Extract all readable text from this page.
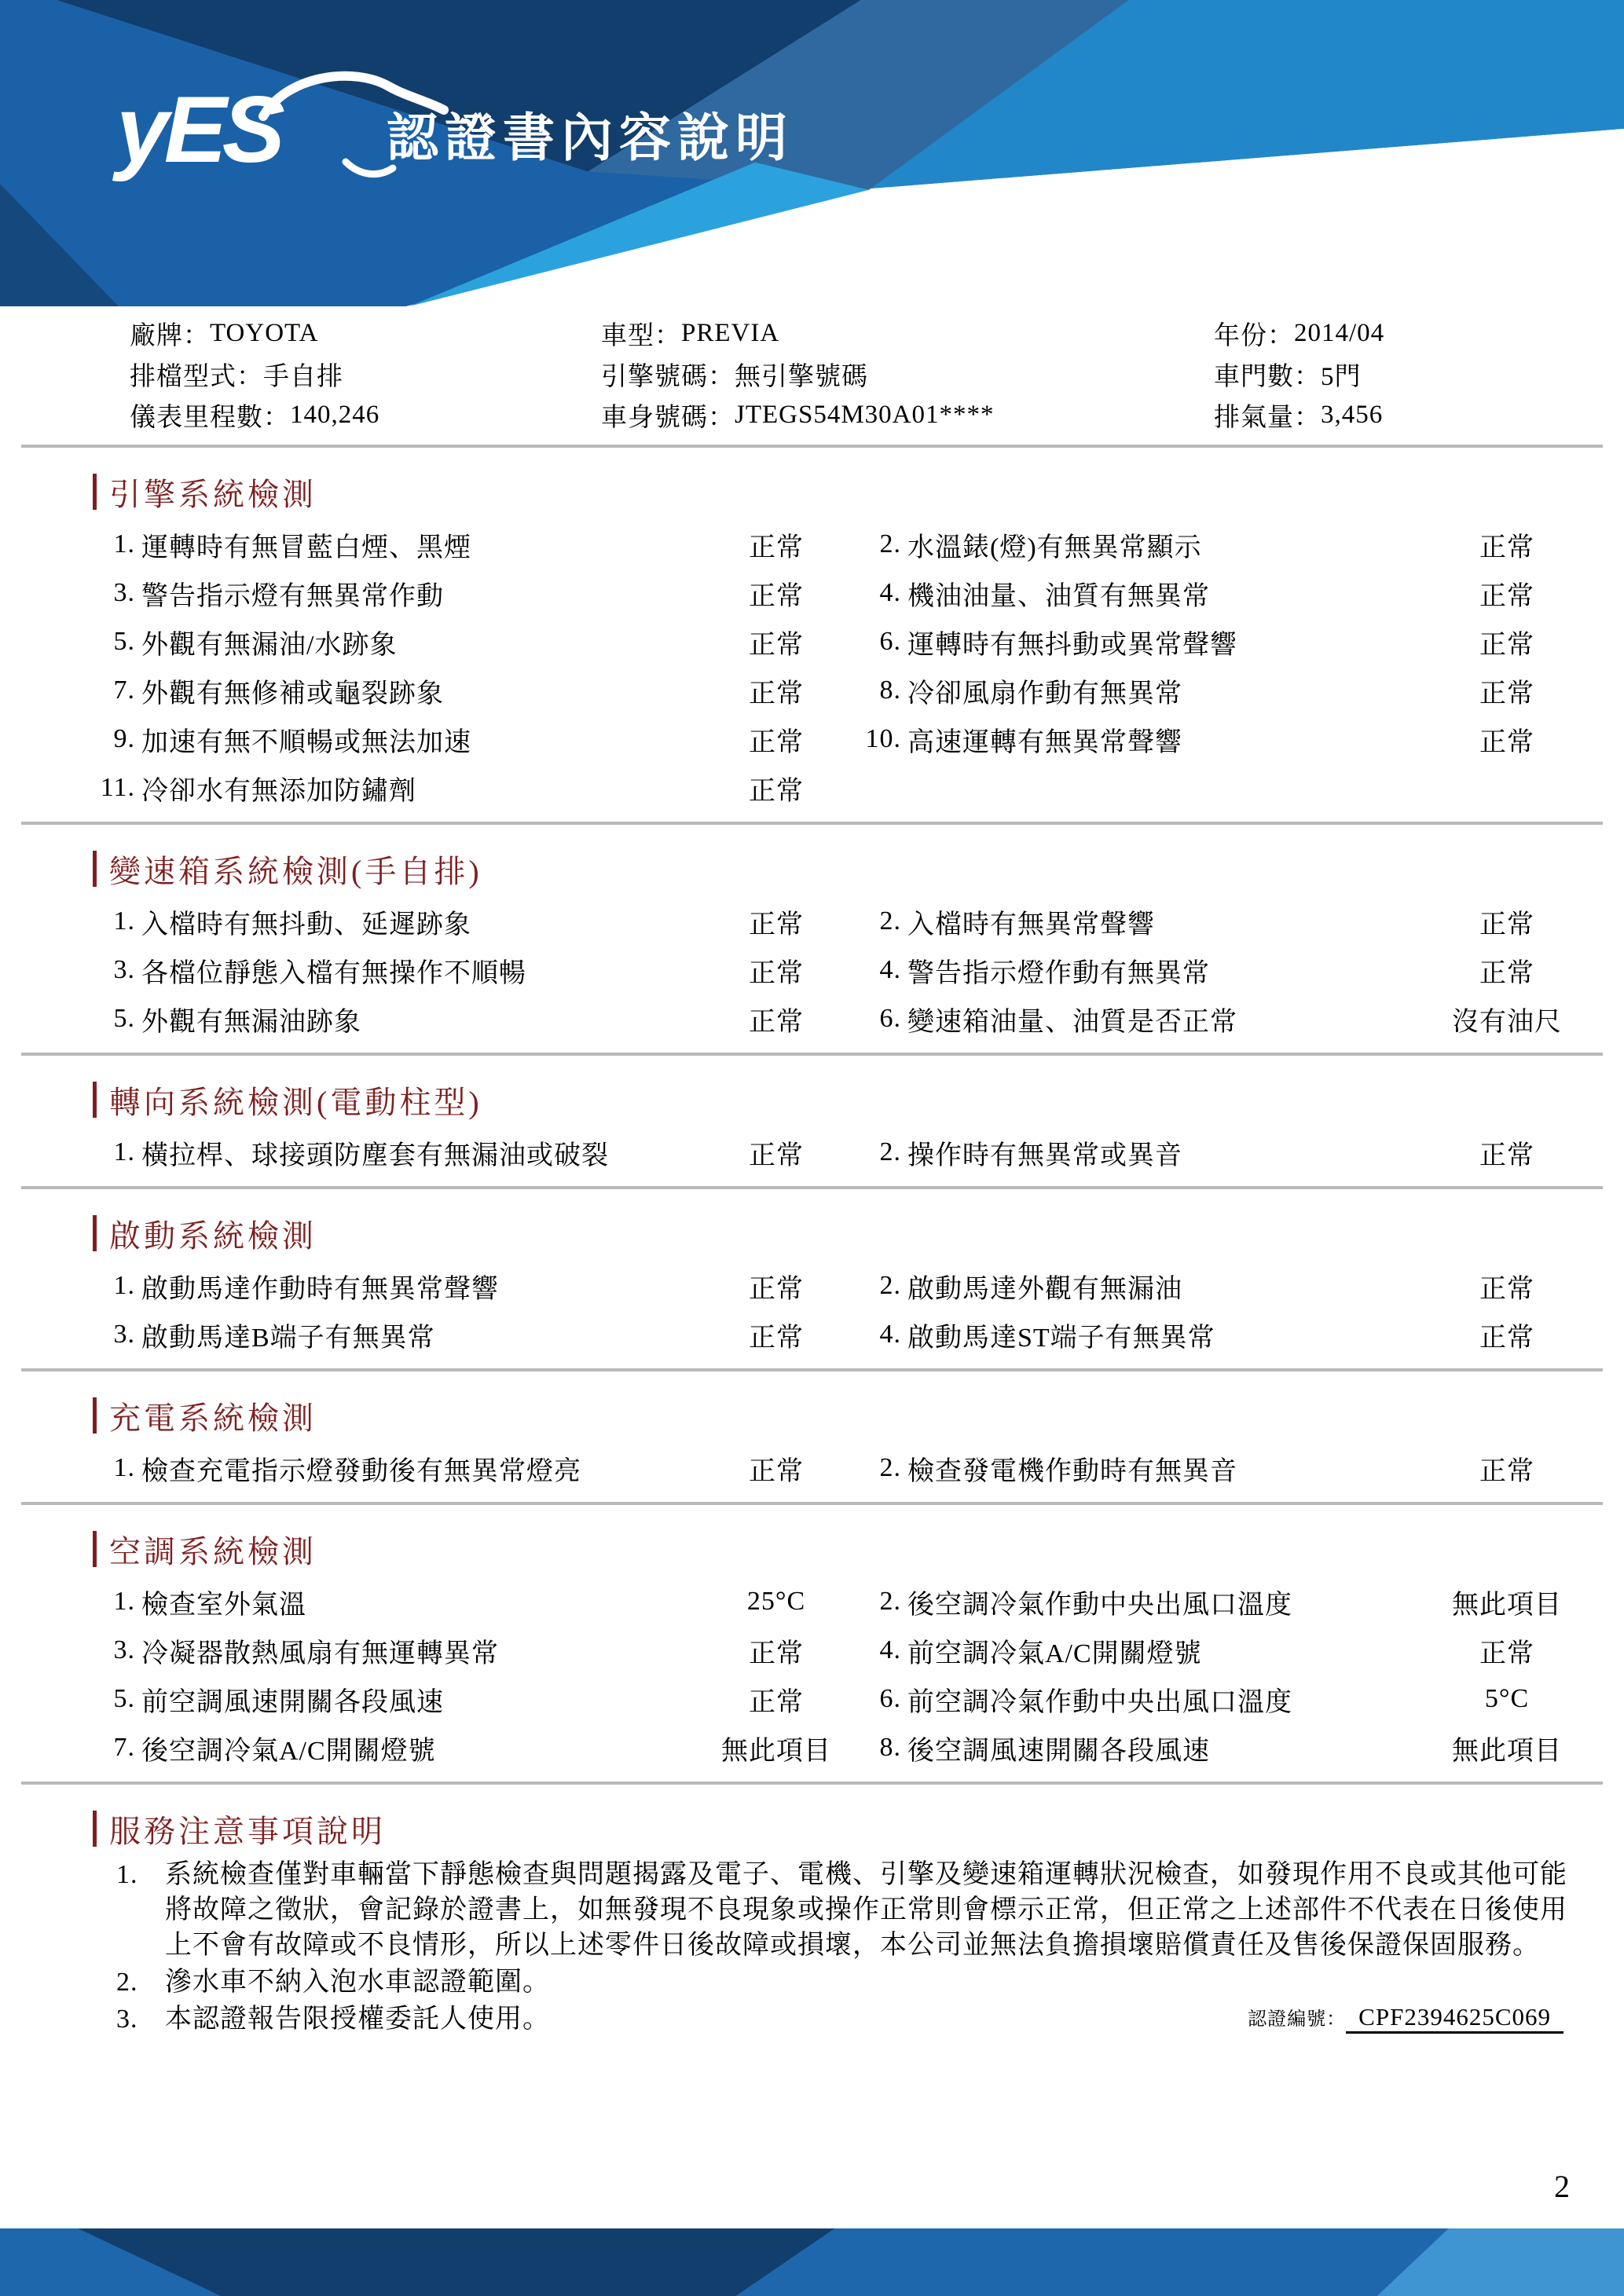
yES 認證書內容說明
廠牌： TOYOTA	車型： PREVIA	年份： 2014/04
排檔型式： 手自排	引擎號碼： 無引擎號碼	車門數： 5門
儀表里程數： 140,246	車身號碼： JTEGS54M30A01****	排氣量： 3,456
引擎系統檢測
1. 運轉時有無冒藍白煙、黑煙	正常	2. 水溫錶(燈)有無異常顯示	正常
3. 警告指示燈有無異常作動	正常	4. 機油油量、油質有無異常	正常
5. 外觀有無漏油/水跡象	正常	6. 運轉時有無抖動或異常聲響	正常
7. 外觀有無修補或龜裂跡象	正常	8. 冷卻風扇作動有無異常	正常
9. 加速有無不順暢或無法加速	正常	10. 高速運轉有無異常聲響	正常
11. 冷卻水有無添加防鏽劑	正常
變速箱系統檢測(手自排)
1. 入檔時有無抖動、延遲跡象	正常	2. 入檔時有無異常聲響	正常
3. 各檔位靜態入檔有無操作不順暢	正常	4. 警告指示燈作動有無異常	正常
5. 外觀有無漏油跡象	正常	6. 變速箱油量、油質是否正常	沒有油尺
轉向系統檢測(電動柱型)
1. 橫拉桿、球接頭防塵套有無漏油或破裂	正常	2. 操作時有無異常或異音	正常
啟動系統檢測
1. 啟動馬達作動時有無異常聲響	正常	2. 啟動馬達外觀有無漏油	正常
3. 啟動馬達B端子有無異常	正常	4. 啟動馬達ST端子有無異常	正常
充電系統檢測
1. 檢查充電指示燈發動後有無異常燈亮	正常	2. 檢查發電機作動時有無異音	正常
空調系統檢測
1. 檢查室外氣溫	25°C	2. 後空調冷氣作動中央出風口溫度	無此項目
3. 冷凝器散熱風扇有無運轉異常	正常	4. 前空調冷氣A/C開關燈號	正常
5. 前空調風速開關各段風速	正常	6. 前空調冷氣作動中央出風口溫度	5°C
7. 後空調冷氣A/C開關燈號	無此項目	8. 後空調風速開關各段風速	無此項目
服務注意事項說明
1.	系統檢查僅對車輛當下靜態檢查與問題揭露及電子、電機、引擎及變速箱運轉狀況檢查，如發現作用不良或其他可能將故障之徵狀，會記錄於證書上，如無發現不良現象或操作正常則會標示正常，但正常之上述部件不代表在日後使用上不會有故障或不良情形，所以上述零件日後故障或損壞，本公司並無法負擔損壞賠償責任及售後保證保固服務。
2.	滲水車不納入泡水車認證範圍。
3.	本認證報告限授權委託人使用。	認證編號： CPF2394625C069
2
